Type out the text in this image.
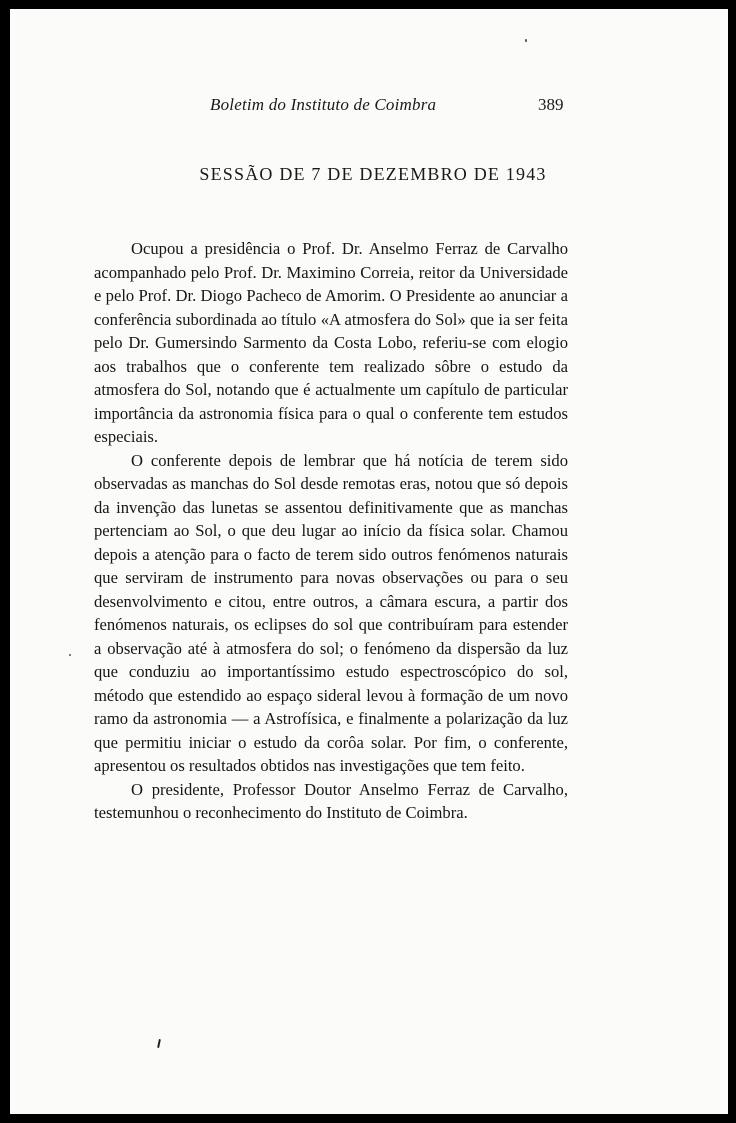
Boletim do Instituto de Coimbra	389
SESSÃO DE 7 DE DEZEMBRO DE 1943

Ocupou a presidência o Prof. Dr. Anselmo Ferraz de Carvalho acompanhado pelo Prof. Dr. Maximino Correia, reitor da Universidade e pelo Prof. Dr. Diogo Pacheco de Amorim. O Presidente ao anunciar a conferência subordinada ao título «A atmosfera do Sol» que ia ser feita pelo Dr. Gumersindo Sarmento da Costa Lobo, referiu-se com elogio aos trabalhos que o conferente tem realizado sôbre o estudo da atmosfera do Sol, notando que é actualmente um capítulo de particular importância da astronomia física para o qual o conferente tem estudos especiais.

O conferente depois de lembrar que há notícia de terem sido observadas as manchas do Sol desde remotas eras, notou que só depois da invenção das lunetas se assentou definitivamente que as manchas pertenciam ao Sol, o que deu lugar ao início da física solar. Chamou depois a atenção para o facto de terem sido outros fenómenos naturais que serviram de instrumento para novas observações ou para o seu desenvolvimento e citou, entre outros, a câmara escura, a partir dos fenómenos naturais, os eclipses do sol que contribuíram para estender a observação até à atmosfera do sol; o fenómeno da dispersão da luz que conduziu ao importantíssimo estudo espectroscópico do sol, método que estendido ao espaço sideral levou à formação de um novo ramo da astronomia — a Astrofísica, e finalmente a polarização da luz que permitiu iniciar o estudo da corôa solar. Por fim, o conferente, apresentou os resultados obtidos nas investigações que tem feito.

O presidente, Professor Doutor Anselmo Ferraz de Carvalho, testemunhou o reconhecimento do Instituto de Coimbra.
